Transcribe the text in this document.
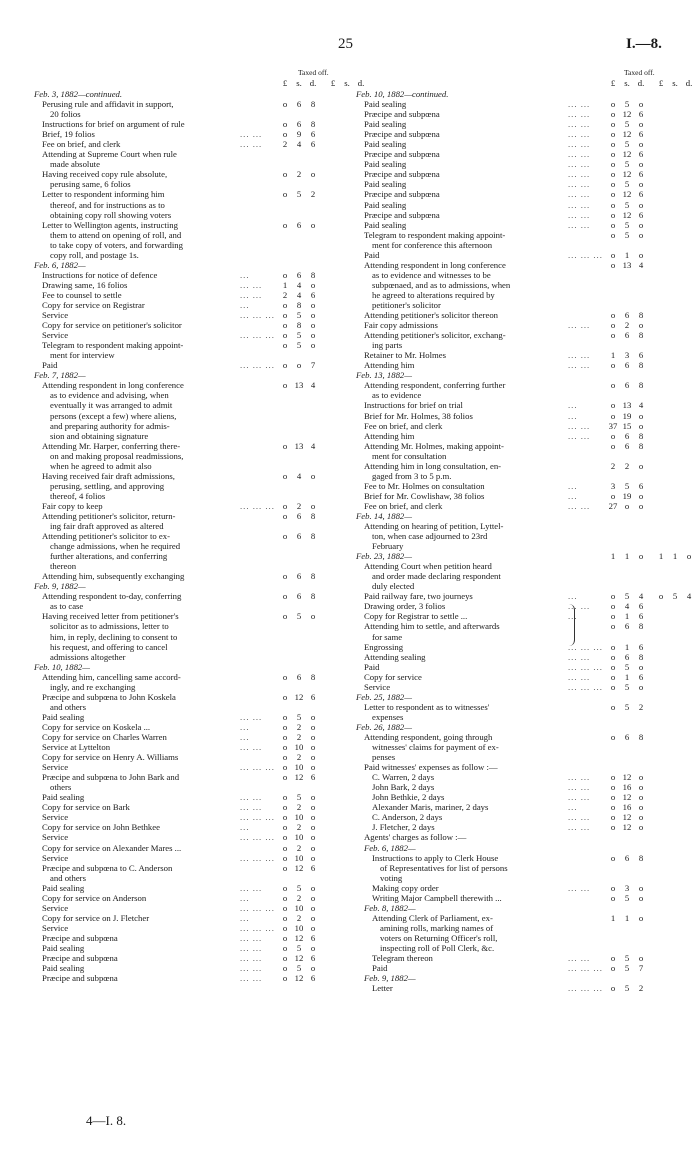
25	I.—8.
Taxed off.
£	s. d.	£	s. d.
Feb. 3, 1882—continued.
Perusing rule and affidavit in support,	o	6	8
20 folios
Instructions for brief on argument of rule	o	6	8
Brief, 19 folios	... ...	o	9	6
Fee on brief, and clerk	... ...	2	4	6
Attending at Supreme Court when rule
made absolute
Having received copy rule absolute,	o	2	o
perusing same, 6 folios
Letter to respondent informing him	o	5	2
thereof, and for instructions as to
obtaining copy roll showing voters
Letter to Wellington agents, instructing	o	6	o
them to attend on opening of roll, and
to take copy of voters, and forwarding
copy roll, and postage 1s.
Feb. 6, 1882—
Instructions for notice of defence	...	o	6	8
Drawing same, 16 folios	... ...	1	4	o
Fee to counsel to settle	... ...	2	4	6
Copy for service on Registrar	...	o	8	o
Service	... ... ... o	5	o
Copy for service on petitioner's solicitor	o	8	o
Service	... ... ... o	5	o
Telegram to respondent making appoint-	o	5	o
ment for interview
Paid	... ... ... o	o	7
Feb. 7, 1882—
Attending respondent in long conference	o 13 4
as to evidence and advising, when
eventually it was arranged to admit
persons (except a few) where aliens,
and preparing authority for admis-
sion and obtaining signature
Attending Mr. Harper, conferring there-	o 13 4
on and making proposal readmissions,
when he agreed to admit also
Having received fair draft admissions,	o	4	o
perusing, settling, and approving
thereof, 4 folios
Fair copy to keep	... ... ... o	2	o
Attending petitioner's solicitor, return-	o	6	8
ing fair draft approved as altered
Attending petitioner's solicitor to ex-	o	6	8
change admissions, when he required
further alterations, and conferring
thereon
Attending him, subsequently exchanging	o	6	8
Feb. 9, 1882—
Attending respondent to-day, conferring	o	6	8
as to case
Having received letter from petitioner's	o	5	o
solicitor as to admissions, letter to
him, in reply, declining to consent to
his request, and offering to cancel
admissions altogether
Feb. 10, 1882—
Attending him, cancelling same accord-	o	6	8
ingly, and re exchanging
Præcipe and subpœna to John Koskela	o 12 6
and others
Paid sealing	... ...	o	5	o
Copy for service on Koskela ...	...	o	2	o
Copy for service on Charles Warren	...	o	2	o
Service at Lyttelton	... ...	o 10 o
Copy for service on Henry A. Williams	o	2	o
Service	... ... ... o 10 o
Præcipe and subpœna to John Bark and	o 12 6
others
Paid sealing	... ...	o	5	o
Copy for service on Bark	... ...	o	2	o
Service	... ... ... o 10 o
Copy for service on John Bethkee	...	o	2	o
Service	... ... ... o 10 o
Copy for service on Alexander Mares ...	o	2	o
Service	... ... ... o 10 o
Præcipe and subpœna to C. Anderson	o 12 6
and others
Paid sealing	... ...	o	5	o
Copy for service on Anderson	...	o	2	o
Service	... ... ... o 10 o
Copy for service on J. Fletcher	...	o	2	o
Service	... ... ... o 10 o
Præcipe and subpœna	... ...	o 12 6
Paid sealing	... ...	o	5	o
Præcipe and subpœna	... ...	o 12 6
Paid sealing	... ...	o	5	o
Præcipe and subpœna	... ...	o 12 6
Taxed off.
£	s. d.	£	s. d.
Feb. 10, 1882—continued.
Paid sealing	... ...	o	5	o
Præcipe and subpœna	... ...	o 12 6
Paid sealing	... ...	o	5	o
Præcipe and subpœna	... ...	o 12 6
Paid sealing	... ...	o	5	o
Præcipe and subpœna	... ...	o 12 6
Paid sealing	... ...	o	5	o
Præcipe and subpœna	... ...	o 12 6
Paid sealing	... ...	o	5	o
Præcipe and subpœna	... ...	o 12 6
Paid sealing	... ...	o	5	o
Præcipe and subpœna	... ...	o 12 6
Paid sealing	... ...	o	5	o
Telegram to respondent making appoint-	o	5	o
ment for conference this afternoon
Paid	... ... ... o	1	o
Attending respondent in long conference	o 13 4
as to evidence and witnesses to be
subpœnaed, and as to admissions, when
he agreed to alterations required by
petitioner's solicitor
Attending petitioner's solicitor thereon	o	6	8
Fair copy admissions	... ...	o	2	o
Attending petitioner's solicitor, exchang-	o	6	8
ing parts
Retainer to Mr. Holmes	... ...	1	3	6
Attending him	... ...	o	6	8
Feb. 13, 1882—
Attending respondent, conferring further	o	6	8
as to evidence
Instructions for brief on trial	...	o 13 4
Brief for Mr. Holmes, 38 folios	...	o 19 o
Fee on brief, and clerk	... ...	37 15 o
Attending him	... ...	o	6	8
Attending Mr. Holmes, making appoint-	o	6	8
ment for consultation
Attending him in long consultation, en-	2	2	o
gaged from 3 to 5 p.m.
Fee to Mr. Holmes on consultation	...	3	5	6
Brief for Mr. Cowlishaw, 38 folios	...	o 19 o
Fee on brief, and clerk	... ...	27 o	o
Feb. 14, 1882—
Attending on hearing of petition, Lyttel-
ton, when case adjourned to 23rd
February
Feb. 23, 1882—	1	1	o	1	1	o
Attending Court when petition heard
and order made declaring respondent
duly elected
Paid railway fare, two journeys	...	o	5	4	o	5	4
Drawing order, 3 folios	... ...	o	4	6
Copy for Registrar to settle ...	...	o	1	6
Attending him to settle, and afterwards	o	6	8
for same
Engrossing	... ... ... o	1	6
Attending sealing	... ...	o	6	8
Paid	... ... ... o	5	o
Copy for service	... ...	o	1	6
Service	... ... ... o	5	o
Feb. 25, 1882—
Letter to respondent as to witnesses'	o	5	2
expenses
Feb. 26, 1882—
Attending respondent, going through	o	6	8
witnesses' claims for payment of ex-
penses
Paid witnesses' expenses as follow :—
C. Warren, 2 days	... ...	o 12 o
John Bark, 2 days	... ...	o 16 o
John Bethkie, 2 days	... ...	o 12 o
Alexander Maris, mariner, 2 days	...	o 16 o
C. Anderson, 2 days	... ...	o 12 o
J. Fletcher, 2 days	... ...	o 12 o
Agents' charges as follow :—
Feb. 6, 1882—
Instructions to apply to Clerk House	o	6	8
of Representatives for list of persons
voting
Making copy order	... ...	o	3	o
Writing Major Campbell therewith ...	o	5	o
Feb. 8, 1882—
Attending Clerk of Parliament, ex-	1	1	o
amining rolls, marking names of
voters on Returning Officer's roll,
inspecting roll of Poll Clerk, &c.
Telegram thereon	... ...	o	5	o
Paid	... ... ... o	5	7
Feb. 9, 1882—
Letter	... ... ... o	5	2
4—I. 8.
